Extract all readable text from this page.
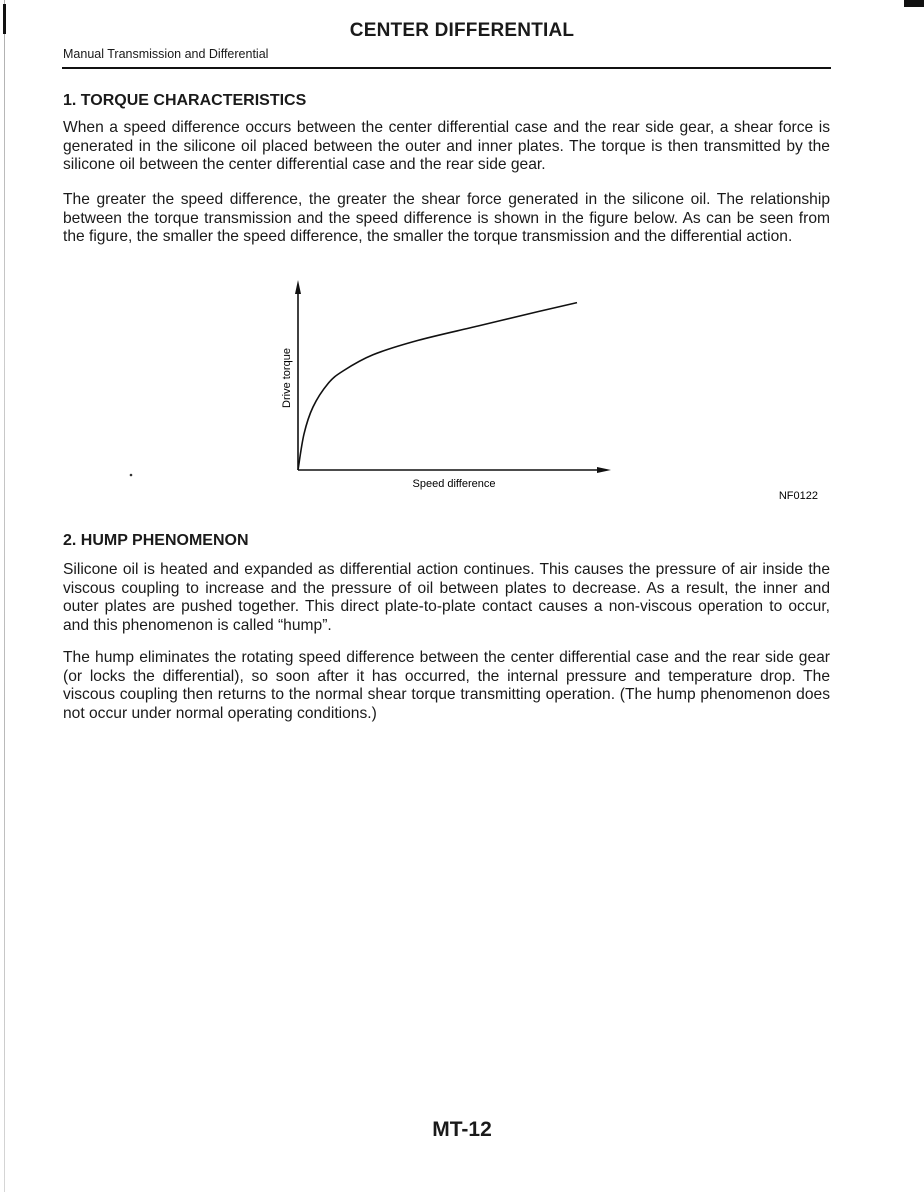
CENTER DIFFERENTIAL
Manual Transmission and Differential
1. TORQUE CHARACTERISTICS

When a speed difference occurs between the center differential case and the rear side gear, a shear force is generated in the silicone oil placed between the outer and inner plates. The torque is then transmitted by the silicone oil between the center differential case and the rear side gear.

The greater the speed difference, the greater the shear force generated in the silicone oil. The relationship between the torque transmission and the speed difference is shown in the figure below. As can be seen from the figure, the smaller the speed difference, the smaller the torque transmission and the differential action.

Drive torque
Speed difference
NF0122
2. HUMP PHENOMENON

Silicone oil is heated and expanded as differential action continues. This causes the pressure of air inside the viscous coupling to increase and the pressure of oil between plates to decrease. As a result, the inner and outer plates are pushed together. This direct plate-to-plate contact causes a non-viscous operation to occur, and this phenomenon is called “hump”.

The hump eliminates the rotating speed difference between the center differential case and the rear side gear (or locks the differential), so soon after it has occurred, the internal pressure and temperature drop. The viscous coupling then returns to the normal shear torque transmitting operation. (The hump phenomenon does not occur under normal operating conditions.)

MT-12
